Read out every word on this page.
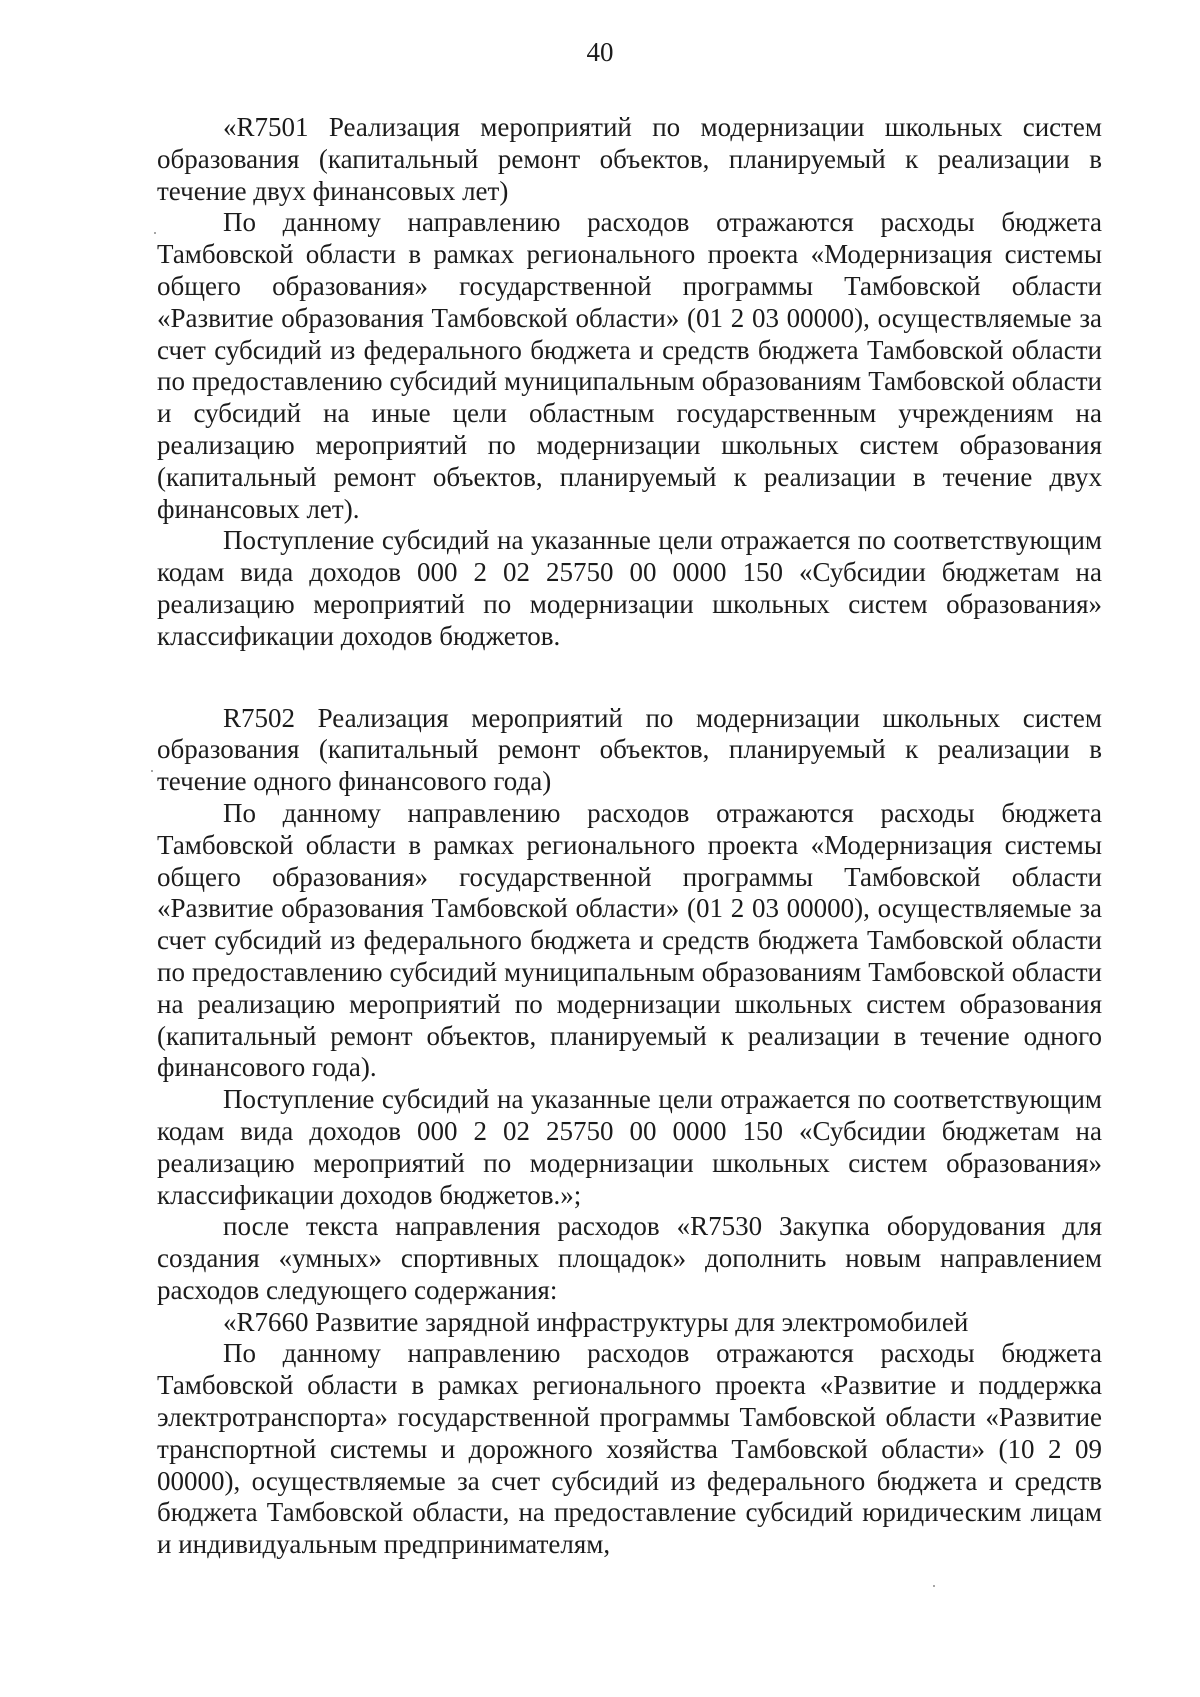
40

«R7501 Реализация мероприятий по модернизации школьных систем образования (капитальный ремонт объектов, планируемый к реализации в течение двух финансовых лет)

По данному направлению расходов отражаются расходы бюджета Тамбовской области в рамках регионального проекта «Модернизация системы общего образования» государственной программы Тамбовской области «Развитие образования Тамбовской области» (01 2 03 00000), осуществляемые за счет субсидий из федерального бюджета и средств бюджета Тамбовской области по предоставлению субсидий муниципальным образованиям Тамбовской области и субсидий на иные цели областным государственным учреждениям на реализацию мероприятий по модернизации школьных систем образования (капитальный ремонт объектов, планируемый к реализации в течение двух финансовых лет).

Поступление субсидий на указанные цели отражается по соответствующим кодам вида доходов 000 2 02 25750 00 0000 150 «Субсидии бюджетам на реализацию мероприятий по модернизации школьных систем образования» классификации доходов бюджетов.

R7502 Реализация мероприятий по модернизации школьных систем образования (капитальный ремонт объектов, планируемый к реализации в течение одного финансового года)

По данному направлению расходов отражаются расходы бюджета Тамбовской области в рамках регионального проекта «Модернизация системы общего образования» государственной программы Тамбовской области «Развитие образования Тамбовской области» (01 2 03 00000), осуществляемые за счет субсидий из федерального бюджета и средств бюджета Тамбовской области по предоставлению субсидий муниципальным образованиям Тамбовской области на реализацию мероприятий по модернизации школьных систем образования (капитальный ремонт объектов, планируемый к реализации в течение одного финансового года).

Поступление субсидий на указанные цели отражается по соответствующим кодам вида доходов 000 2 02 25750 00 0000 150 «Субсидии бюджетам на реализацию мероприятий по модернизации школьных систем образования» классификации доходов бюджетов.»;

после текста направления расходов «R7530 Закупка оборудования для создания «умных» спортивных площадок» дополнить новым направлением расходов следующего содержания:

«R7660 Развитие зарядной инфраструктуры для электромобилей

По данному направлению расходов отражаются расходы бюджета Тамбовской области в рамках регионального проекта «Развитие и поддержка электротранспорта» государственной программы Тамбовской области «Развитие транспортной системы и дорожного хозяйства Тамбовской области» (10 2 09 00000), осуществляемые за счет субсидий из федерального бюджета и средств бюджета Тамбовской области, на предоставление субсидий юридическим лицам и индивидуальным предпринимателям,
